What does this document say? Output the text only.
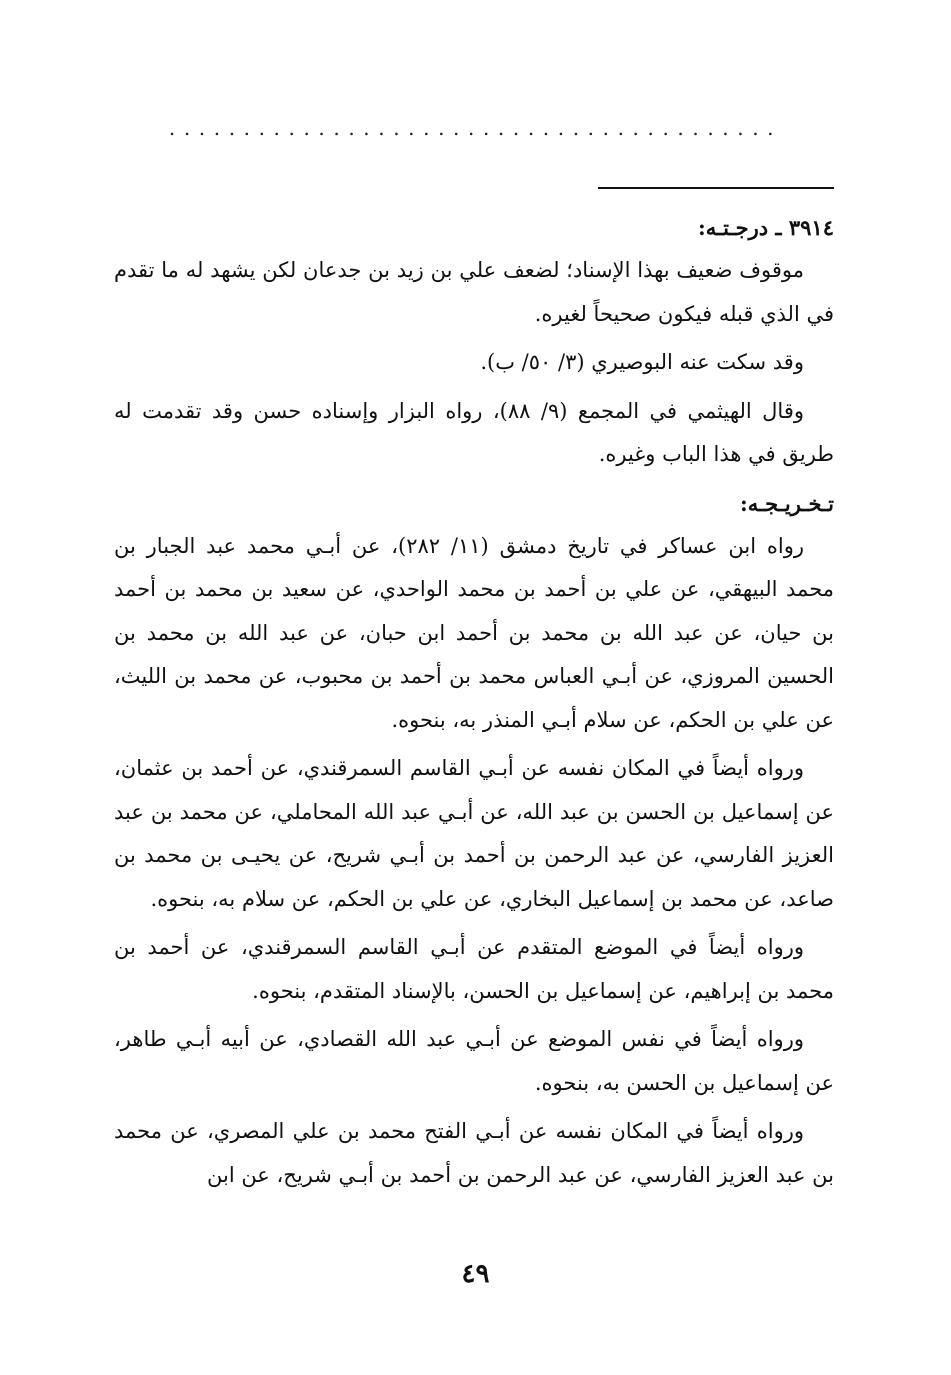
.........................................

٣٩١٤ ـ درجـتـه:

موقوف ضعيف بهذا الإسناد؛ لضعف علي بن زيد بن جدعان لكن يشهد له ما تقدم في الذي قبله فيكون صحيحاً لغيره.

وقد سكت عنه البوصيري (٣/ ٥٠/ ب).

وقال الهيثمي في المجمع (٩/ ٨٨)، رواه البزار وإسناده حسن وقد تقدمت له طريق في هذا الباب وغيره.

تـخـريـجـه:

رواه ابن عساكر في تاريخ دمشق (١١/ ٢٨٢)، عن أبـي محمد عبد الجبار بن محمد البيهقي، عن علي بن أحمد بن محمد الواحدي، عن سعيد بن محمد بن أحمد بن حيان، عن عبد الله بن محمد بن أحمد ابن حبان، عن عبد الله بن محمد بن الحسين المروزي، عن أبـي العباس محمد بن أحمد بن محبوب، عن محمد بن الليث، عن علي بن الحكم، عن سلام أبـي المنذر به، بنحوه.

ورواه أيضاً في المكان نفسه عن أبـي القاسم السمرقندي، عن أحمد بن عثمان، عن إسماعيل بن الحسن بن عبد الله، عن أبـي عبد الله المحاملي، عن محمد بن عبد العزيز الفارسي، عن عبد الرحمن بن أحمد بن أبـي شريح، عن يحيـى بن محمد بن صاعد، عن محمد بن إسماعيل البخاري، عن علي بن الحكم، عن سلام به، بنحوه.

ورواه أيضاً في الموضع المتقدم عن أبـي القاسم السمرقندي، عن أحمد بن محمد بن إبراهيم، عن إسماعيل بن الحسن، بالإسناد المتقدم، بنحوه.

ورواه أيضاً في نفس الموضع عن أبـي عبد الله القصادي، عن أبيه أبـي طاهر، عن إسماعيل بن الحسن به، بنحوه.

ورواه أيضاً في المكان نفسه عن أبـي الفتح محمد بن علي المصري، عن محمد بن عبد العزيز الفارسي، عن عبد الرحمن بن أحمد بن أبـي شريح، عن ابن

٤٩
